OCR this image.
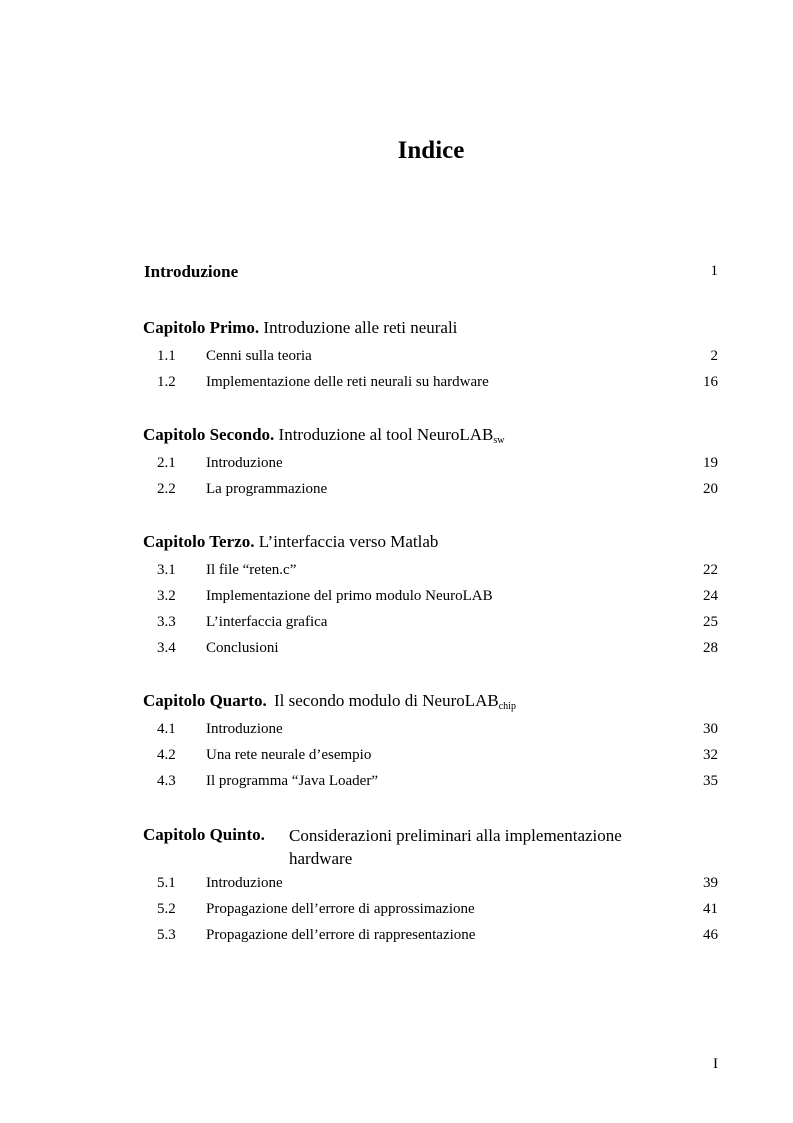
Indice
Introduzione	1
Capitolo Primo. Introduzione alle reti neurali
1.1 Cenni sulla teoria	2
1.2 Implementazione delle reti neurali su hardware	16
Capitolo Secondo. Introduzione al tool NeuroLAB$_{sw}$
2.1 Introduzione	19
2.2 La programmazione	20
Capitolo Terzo. L’interfaccia verso Matlab
3.1 Il file “reten.c”	22
3.2 Implementazione del primo modulo NeuroLAB	24
3.3 L’interfaccia grafica	25
3.4 Conclusioni	28
Capitolo Quarto. Il secondo modulo di NeuroLAB$_{chip}$
4.1 Introduzione	30
4.2 Una rete neurale d’esempio	32
4.3 Il programma “Java Loader”	35
Capitolo Quinto. Considerazioni preliminari alla implementazione hardware
5.1 Introduzione	39
5.2 Propagazione dell’errore di approssimazione	41
5.3 Propagazione dell’errore di rappresentazione	46
I
